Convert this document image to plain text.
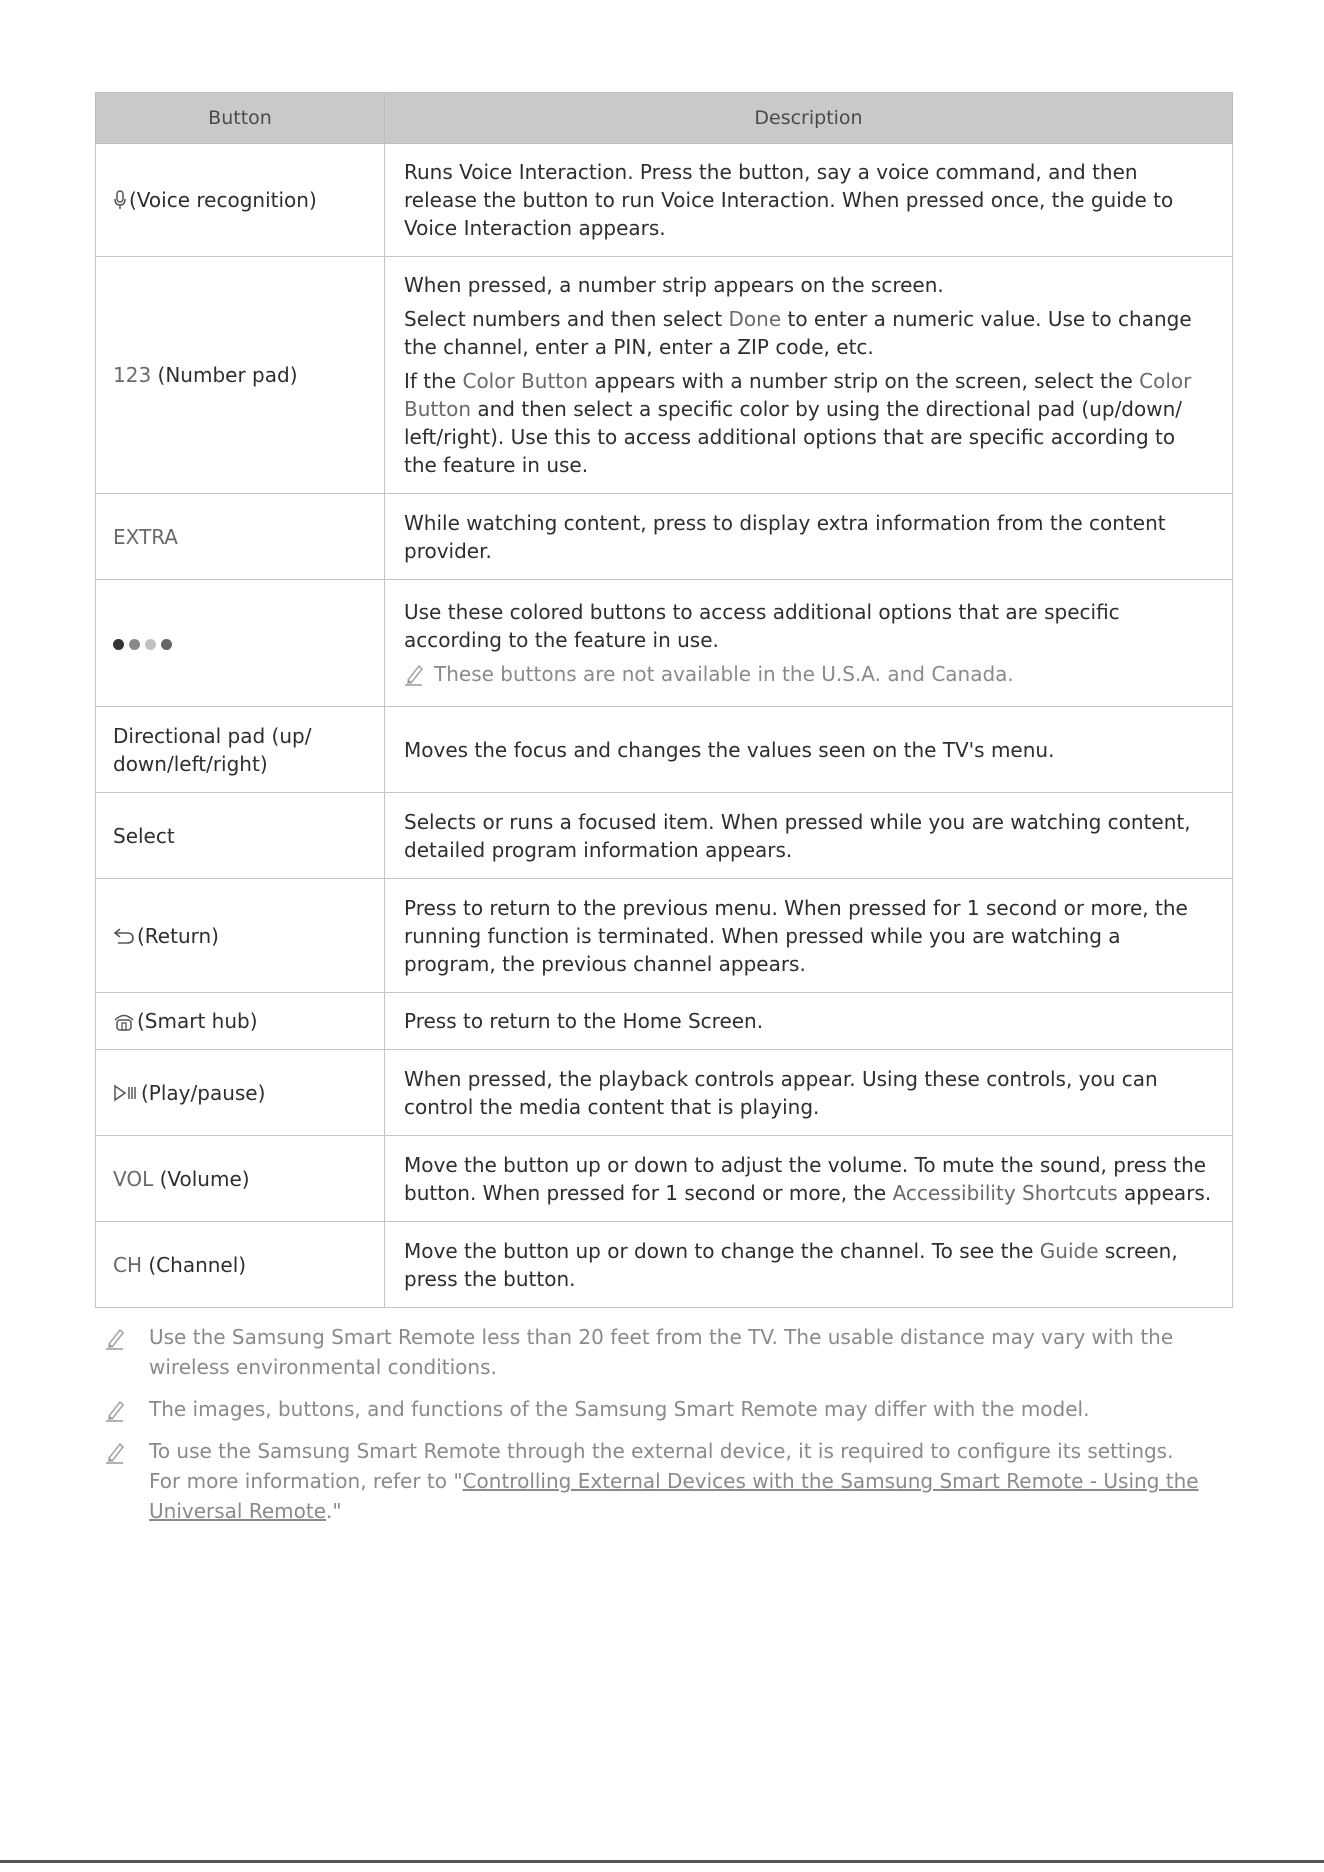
Button	Description
(Voice recognition)	Runs Voice Interaction. Press the button, say a voice command, and then release the button to run Voice Interaction. When pressed once, the guide to Voice Interaction appears.

123 (Number pad)	When pressed, a number strip appears on the screen.

Select numbers and then select Done to enter a numeric value. Use to change the channel, enter a PIN, enter a ZIP code, etc.

If the Color Button appears with a number strip on the screen, select the Color Button and then select a specific color by using the directional pad (up/down/ left/right). Use this to access additional options that are specific according to the feature in use.

EXTRA	While watching content, press to display extra information from the content provider.

	Use these colored buttons to access additional options that are specific according to the feature in use.

These buttons are not available in the U.S.A. and Canada.

Directional pad (up/ down/left/right)	Moves the focus and changes the values seen on the TV's menu.

Select	Selects or runs a focused item. When pressed while you are watching content, detailed program information appears.

(Return)	Press to return to the previous menu. When pressed for 1 second or more, the running function is terminated. When pressed while you are watching a program, the previous channel appears.

(Smart hub)	Press to return to the Home Screen.

(Play/pause)	When pressed, the playback controls appear. Using these controls, you can control the media content that is playing.

VOL (Volume)	Move the button up or down to adjust the volume. To mute the sound, press the button. When pressed for 1 second or more, the Accessibility Shortcuts appears.

CH (Channel)	Move the button up or down to change the channel. To see the Guide screen, press the button.

Use the Samsung Smart Remote less than 20 feet from the TV. The usable distance may vary with the wireless environmental conditions.
The images, buttons, and functions of the Samsung Smart Remote may differ with the model.
To use the Samsung Smart Remote through the external device, it is required to configure its settings.
For more information, refer to "Controlling External Devices with the Samsung Smart Remote - Using the Universal Remote."
